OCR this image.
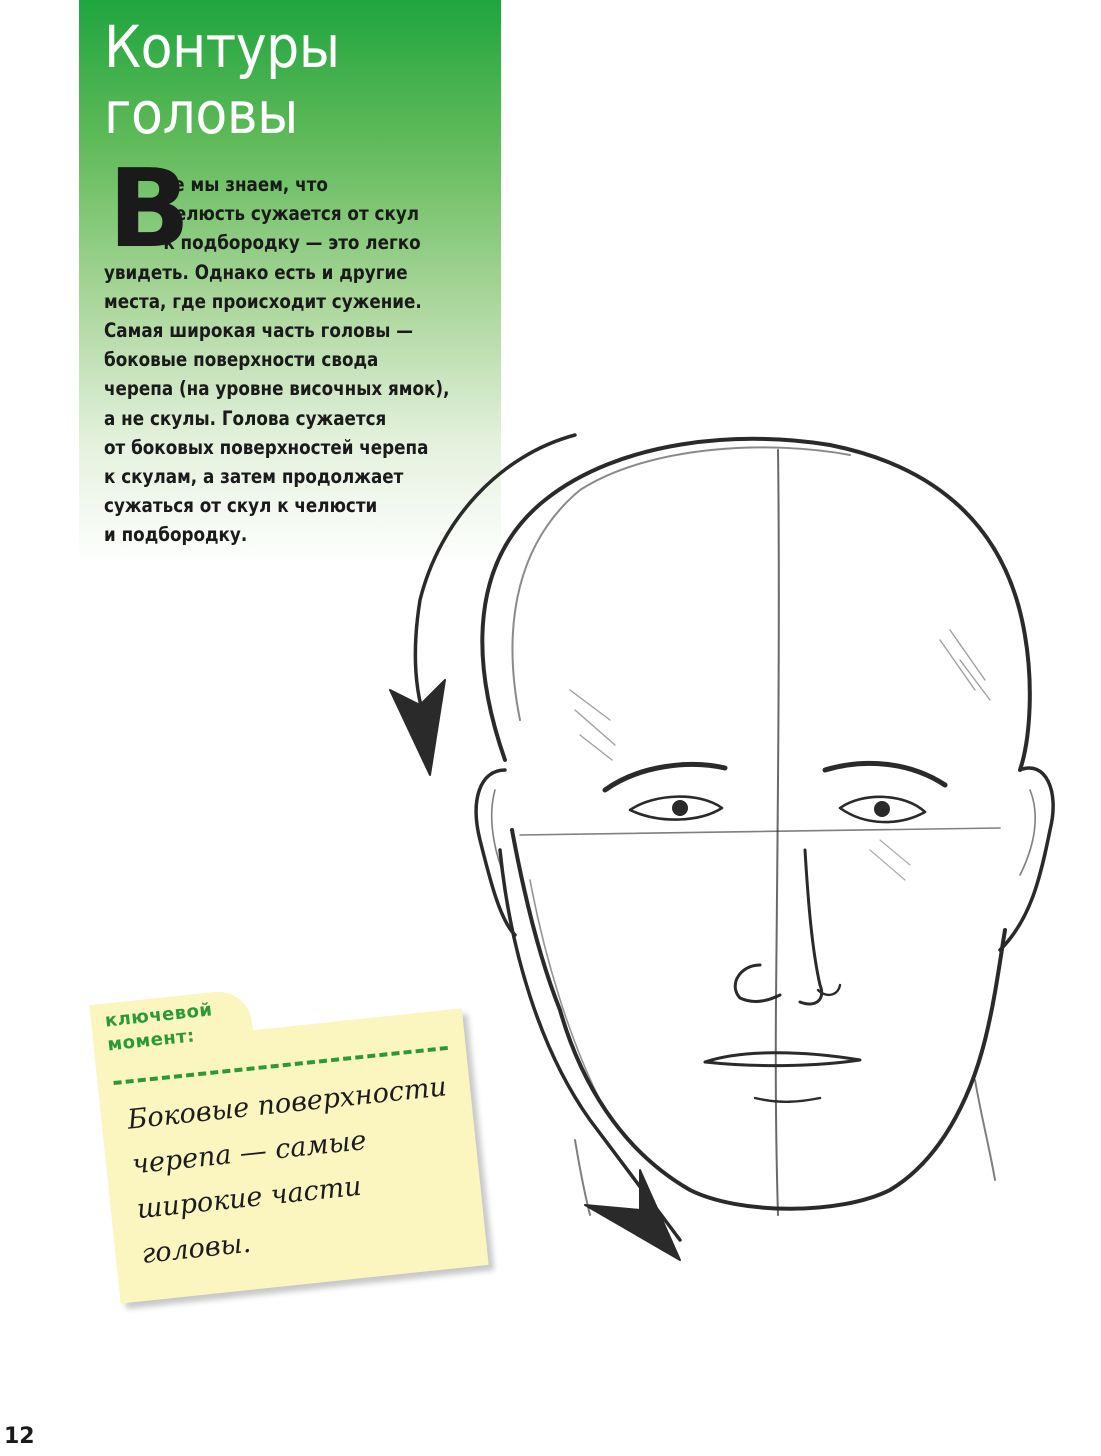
Контуры
головы
В

се мы знаем, что
челюсть сужается от скул
к подбородку — это легко
увидеть. Однако есть и другие
места, где происходит сужение.
Самая широкая часть головы —
боковые поверхности свода
черепа (на уровне височных ямок),
а не скулы. Голова сужается
от боковых поверхностей черепа
к скулам, а затем продолжает
сужаться от скул к челюсти
и подбородку.

ключевой
момент:
Боковые поверхности
черепа — самые
широкие части
головы.
12
